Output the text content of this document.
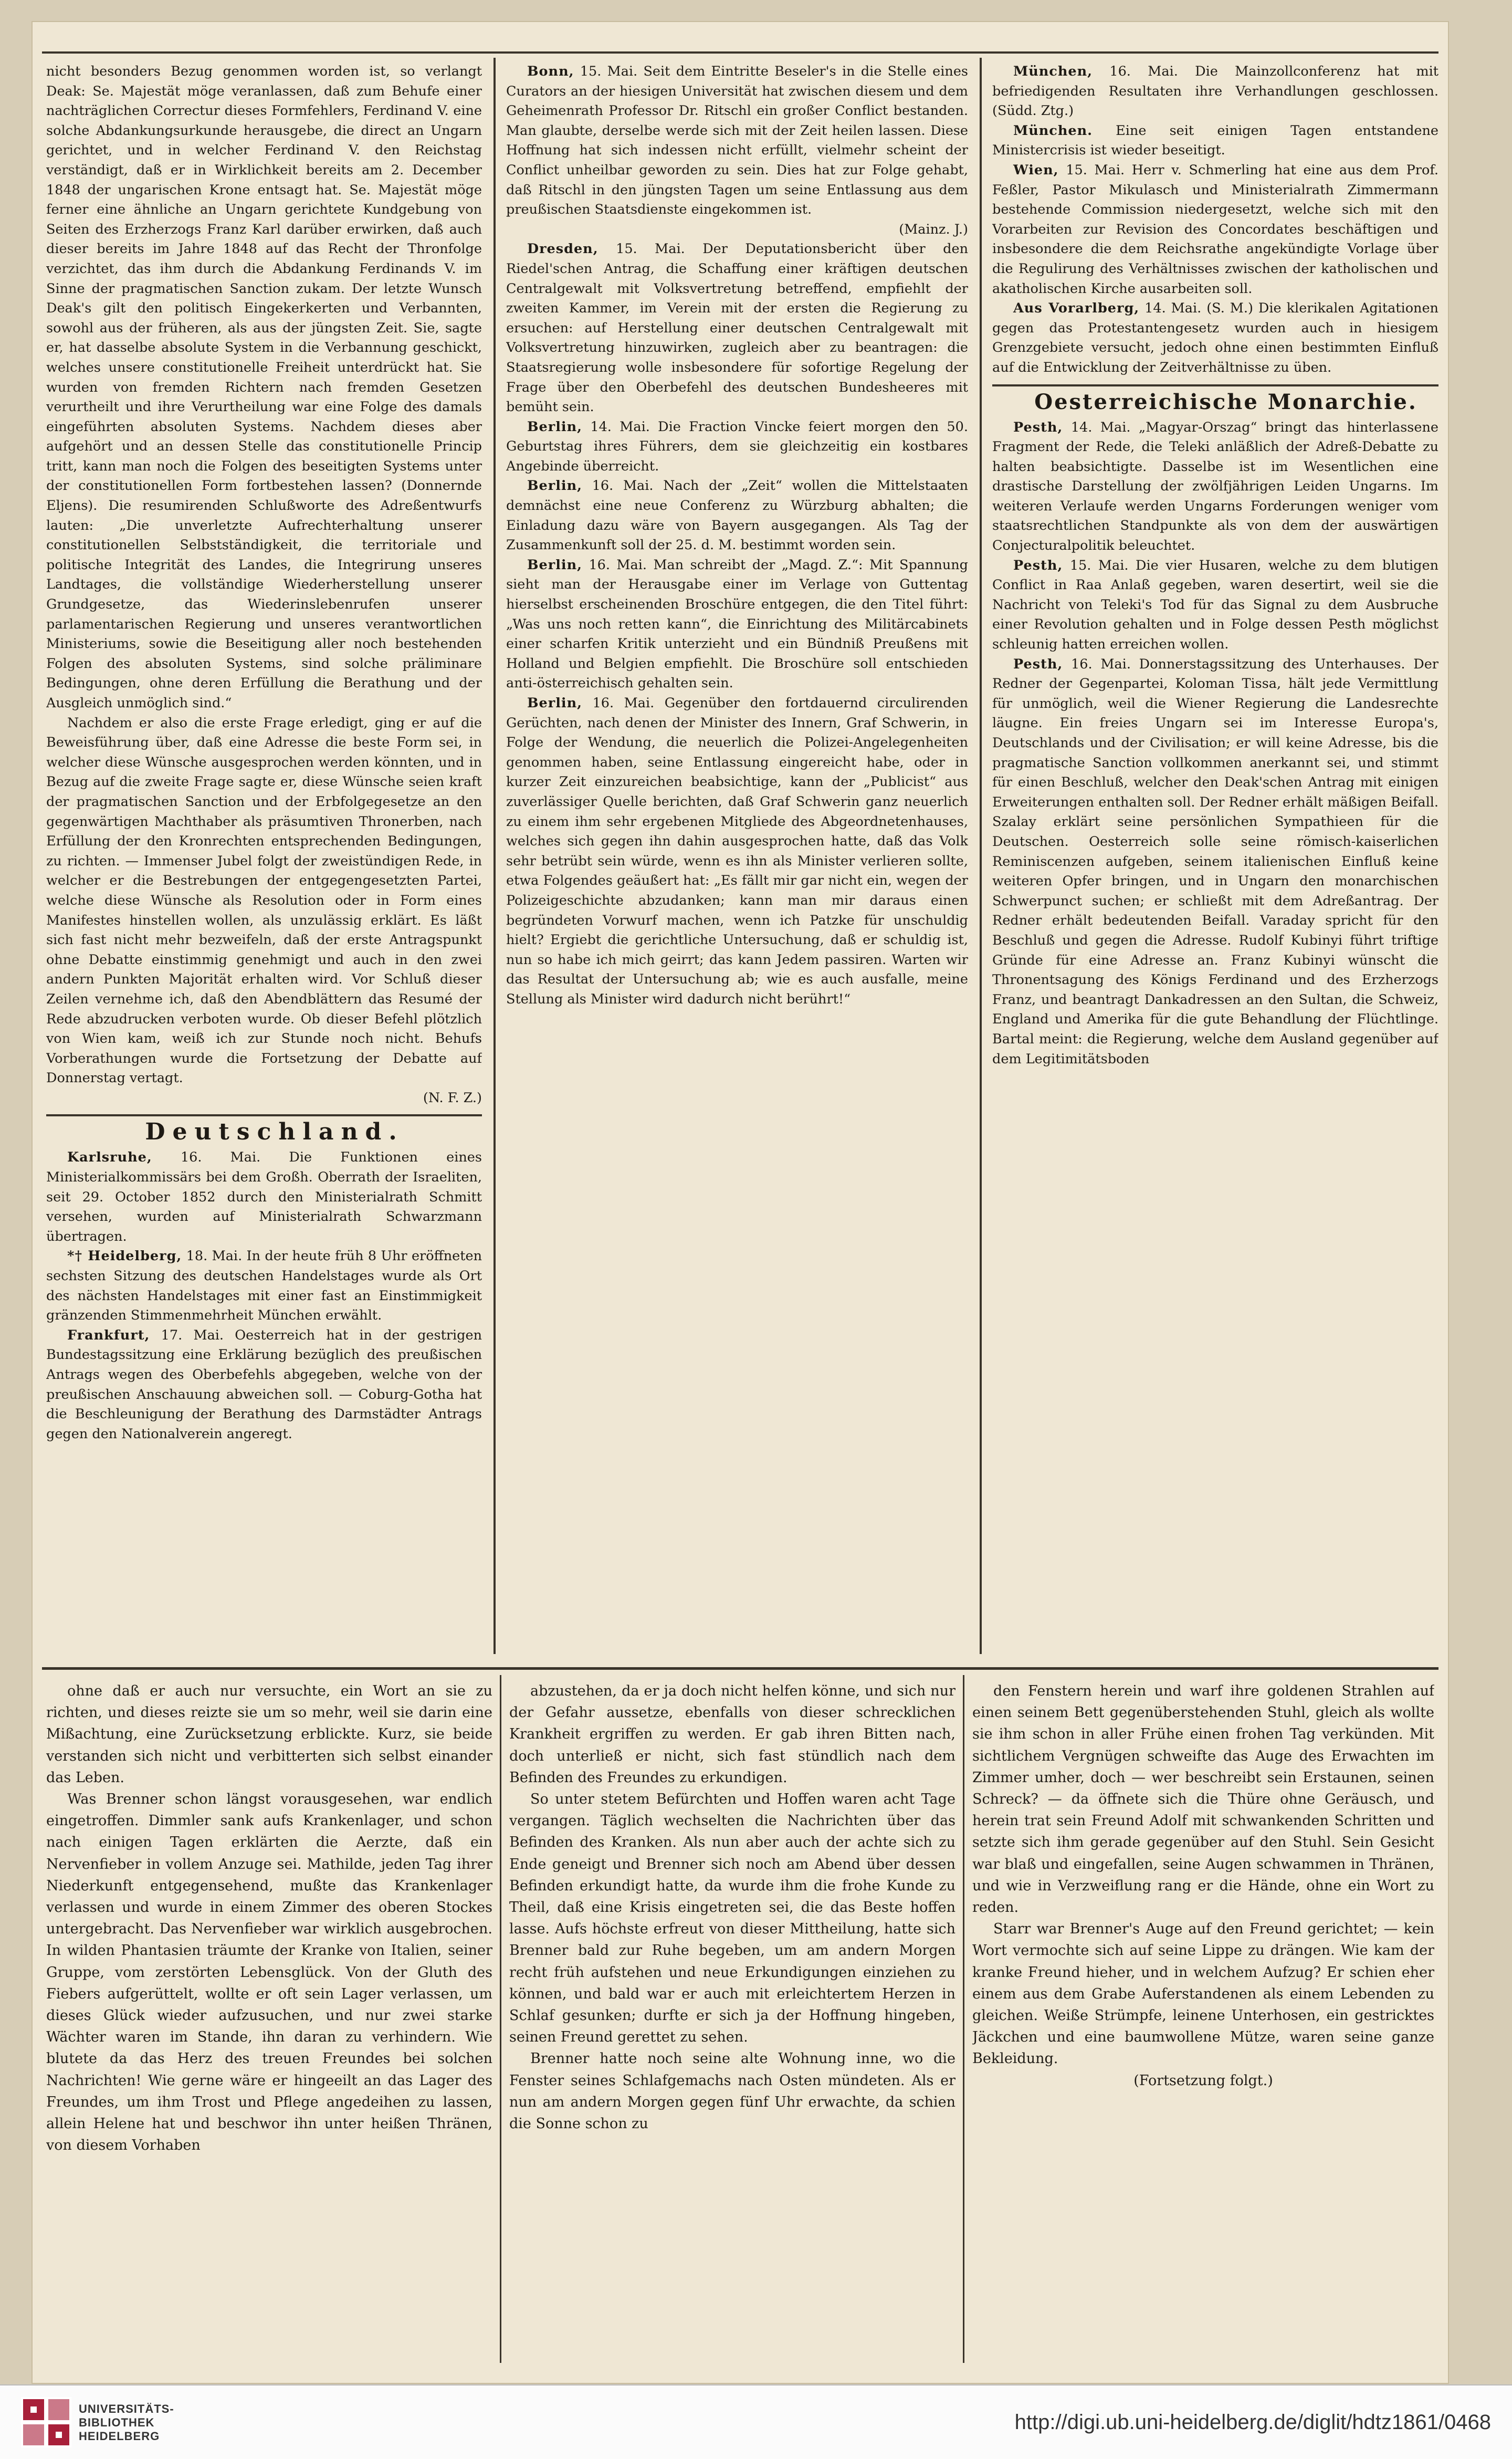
nicht besonders Bezug genommen worden ist, so verlangt Deak: Se. Majestät möge veranlassen, daß zum Behufe einer nachträglichen Correctur dieses Formfehlers, Ferdinand V. eine solche Abdankungsurkunde herausgebe, die direct an Ungarn gerichtet, und in welcher Ferdinand V. den Reichstag verständigt, daß er in Wirklichkeit bereits am 2. December 1848 der ungarischen Krone entsagt hat. Se. Majestät möge ferner eine ähnliche an Ungarn gerichtete Kundgebung von Seiten des Erzherzogs Franz Karl darüber erwirken, daß auch dieser bereits im Jahre 1848 auf das Recht der Thronfolge verzichtet, das ihm durch die Abdankung Ferdinands V. im Sinne der pragmatischen Sanction zukam. Der letzte Wunsch Deak's gilt den politisch Eingekerkerten und Verbannten, sowohl aus der früheren, als aus der jüngsten Zeit. Sie, sagte er, hat dasselbe absolute System in die Verbannung geschickt, welches unsere constitutionelle Freiheit unterdrückt hat. Sie wurden von fremden Richtern nach fremden Gesetzen verurtheilt und ihre Verurtheilung war eine Folge des damals eingeführten absoluten Systems. Nachdem dieses aber aufgehört und an dessen Stelle das constitutionelle Princip tritt, kann man noch die Folgen des beseitigten Systems unter der constitutionellen Form fortbestehen lassen? (Donnernde Eljens). Die resumirenden Schlußworte des Adreßentwurfs lauten: „Die unverletzte Aufrechterhaltung unserer constitutionellen Selbstständigkeit, die territoriale und politische Integrität des Landes, die Integrirung unseres Landtages, die vollständige Wiederherstellung unserer Grundgesetze, das Wiederinslebenrufen unserer parlamentarischen Regierung und unseres verantwortlichen Ministeriums, sowie die Beseitigung aller noch bestehenden Folgen des absoluten Systems, sind solche präliminare Bedingungen, ohne deren Erfüllung die Berathung und der Ausgleich unmöglich sind.“

Nachdem er also die erste Frage erledigt, ging er auf die Beweisführung über, daß eine Adresse die beste Form sei, in welcher diese Wünsche ausgesprochen werden könnten, und in Bezug auf die zweite Frage sagte er, diese Wünsche seien kraft der pragmatischen Sanction und der Erbfolgegesetze an den gegenwärtigen Machthaber als präsumtiven Thronerben, nach Erfüllung der den Kronrechten entsprechenden Bedingungen, zu richten. — Immenser Jubel folgt der zweistündigen Rede, in welcher er die Bestrebungen der entgegengesetzten Partei, welche diese Wünsche als Resolution oder in Form eines Manifestes hinstellen wollen, als unzulässig erklärt. Es läßt sich fast nicht mehr bezweifeln, daß der erste Antragspunkt ohne Debatte einstimmig genehmigt und auch in den zwei andern Punkten Majorität erhalten wird. Vor Schluß dieser Zeilen vernehme ich, daß den Abendblättern das Resumé der Rede abzudrucken verboten wurde. Ob dieser Befehl plötzlich von Wien kam, weiß ich zur Stunde noch nicht. Behufs Vorberathungen wurde die Fortsetzung der Debatte auf Donnerstag vertagt.

(N. F. Z.)

Deutschland.

Karlsruhe, 16. Mai. Die Funktionen eines Ministerialkommissärs bei dem Großh. Oberrath der Israeliten, seit 29. October 1852 durch den Ministerialrath Schmitt versehen, wurden auf Ministerialrath Schwarzmann übertragen.

*† Heidelberg, 18. Mai. In der heute früh 8 Uhr eröffneten sechsten Sitzung des deutschen Handelstages wurde als Ort des nächsten Handelstages mit einer fast an Einstimmigkeit gränzenden Stimmenmehrheit München erwählt.

Frankfurt, 17. Mai. Oesterreich hat in der gestrigen Bundestagssitzung eine Erklärung bezüglich des preußischen Antrags wegen des Oberbefehls abgegeben, welche von der preußischen Anschauung abweichen soll. — Coburg-Gotha hat die Beschleunigung der Berathung des Darmstädter Antrags gegen den Nationalverein angeregt.

Bonn, 15. Mai. Seit dem Eintritte Beseler's in die Stelle eines Curators an der hiesigen Universität hat zwischen diesem und dem Geheimenrath Professor Dr. Ritschl ein großer Conflict bestanden. Man glaubte, derselbe werde sich mit der Zeit heilen lassen. Diese Hoffnung hat sich indessen nicht erfüllt, vielmehr scheint der Conflict unheilbar geworden zu sein. Dies hat zur Folge gehabt, daß Ritschl in den jüngsten Tagen um seine Entlassung aus dem preußischen Staatsdienste eingekommen ist.

(Mainz. J.)

Dresden, 15. Mai. Der Deputationsbericht über den Riedel'schen Antrag, die Schaffung einer kräftigen deutschen Centralgewalt mit Volksvertretung betreffend, empfiehlt der zweiten Kammer, im Verein mit der ersten die Regierung zu ersuchen: auf Herstellung einer deutschen Centralgewalt mit Volksvertretung hinzuwirken, zugleich aber zu beantragen: die Staatsregierung wolle insbesondere für sofortige Regelung der Frage über den Oberbefehl des deutschen Bundesheeres mit bemüht sein.

Berlin, 14. Mai. Die Fraction Vincke feiert morgen den 50. Geburtstag ihres Führers, dem sie gleichzeitig ein kostbares Angebinde überreicht.

Berlin, 16. Mai. Nach der „Zeit“ wollen die Mittelstaaten demnächst eine neue Conferenz zu Würzburg abhalten; die Einladung dazu wäre von Bayern ausgegangen. Als Tag der Zusammenkunft soll der 25. d. M. bestimmt worden sein.

Berlin, 16. Mai. Man schreibt der „Magd. Z.“: Mit Spannung sieht man der Herausgabe einer im Verlage von Guttentag hierselbst erscheinenden Broschüre entgegen, die den Titel führt: „Was uns noch retten kann“, die Einrichtung des Militärcabinets einer scharfen Kritik unterzieht und ein Bündniß Preußens mit Holland und Belgien empfiehlt. Die Broschüre soll entschieden anti-österreichisch gehalten sein.

Berlin, 16. Mai. Gegenüber den fortdauernd circulirenden Gerüchten, nach denen der Minister des Innern, Graf Schwerin, in Folge der Wendung, die neuerlich die Polizei-Angelegenheiten genommen haben, seine Entlassung eingereicht habe, oder in kurzer Zeit einzureichen beabsichtige, kann der „Publicist“ aus zuverlässiger Quelle berichten, daß Graf Schwerin ganz neuerlich zu einem ihm sehr ergebenen Mitgliede des Abgeordnetenhauses, welches sich gegen ihn dahin ausgesprochen hatte, daß das Volk sehr betrübt sein würde, wenn es ihn als Minister verlieren sollte, etwa Folgendes geäußert hat: „Es fällt mir gar nicht ein, wegen der Polizeigeschichte abzudanken; kann man mir daraus einen begründeten Vorwurf machen, wenn ich Patzke für unschuldig hielt? Ergiebt die gerichtliche Untersuchung, daß er schuldig ist, nun so habe ich mich geirrt; das kann Jedem passiren. Warten wir das Resultat der Untersuchung ab; wie es auch ausfalle, meine Stellung als Minister wird dadurch nicht berührt!“

München, 16. Mai. Die Mainzollconferenz hat mit befriedigenden Resultaten ihre Verhandlungen geschlossen. (Südd. Ztg.)

München. Eine seit einigen Tagen entstandene Ministercrisis ist wieder beseitigt.

Wien, 15. Mai. Herr v. Schmerling hat eine aus dem Prof. Feßler, Pastor Mikulasch und Ministerialrath Zimmermann bestehende Commission niedergesetzt, welche sich mit den Vorarbeiten zur Revision des Concordates beschäftigen und insbesondere die dem Reichsrathe angekündigte Vorlage über die Regulirung des Verhältnisses zwischen der katholischen und akatholischen Kirche ausarbeiten soll.

Aus Vorarlberg, 14. Mai. (S. M.) Die klerikalen Agitationen gegen das Protestantengesetz wurden auch in hiesigem Grenzgebiete versucht, jedoch ohne einen bestimmten Einfluß auf die Entwicklung der Zeitverhältnisse zu üben.

Oesterreichische Monarchie.

Pesth, 14. Mai. „Magyar-Orszag“ bringt das hinterlassene Fragment der Rede, die Teleki anläßlich der Adreß-Debatte zu halten beabsichtigte. Dasselbe ist im Wesentlichen eine drastische Darstellung der zwölfjährigen Leiden Ungarns. Im weiteren Verlaufe werden Ungarns Forderungen weniger vom staatsrechtlichen Standpunkte als von dem der auswärtigen Conjecturalpolitik beleuchtet.

Pesth, 15. Mai. Die vier Husaren, welche zu dem blutigen Conflict in Raa Anlaß gegeben, waren desertirt, weil sie die Nachricht von Teleki's Tod für das Signal zu dem Ausbruche einer Revolution gehalten und in Folge dessen Pesth möglichst schleunig hatten erreichen wollen.

Pesth, 16. Mai. Donnerstagssitzung des Unterhauses. Der Redner der Gegenpartei, Koloman Tissa, hält jede Vermittlung für unmöglich, weil die Wiener Regierung die Landesrechte läugne. Ein freies Ungarn sei im Interesse Europa's, Deutschlands und der Civilisation; er will keine Adresse, bis die pragmatische Sanction vollkommen anerkannt sei, und stimmt für einen Beschluß, welcher den Deak'schen Antrag mit einigen Erweiterungen enthalten soll. Der Redner erhält mäßigen Beifall. Szalay erklärt seine persönlichen Sympathieen für die Deutschen. Oesterreich solle seine römisch-kaiserlichen Reminiscenzen aufgeben, seinem italienischen Einfluß keine weiteren Opfer bringen, und in Ungarn den monarchischen Schwerpunct suchen; er schließt mit dem Adreßantrag. Der Redner erhält bedeutenden Beifall. Varaday spricht für den Beschluß und gegen die Adresse. Rudolf Kubinyi führt triftige Gründe für eine Adresse an. Franz Kubinyi wünscht die Thronentsagung des Königs Ferdinand und des Erzherzogs Franz, und beantragt Dankadressen an den Sultan, die Schweiz, England und Amerika für die gute Behandlung der Flüchtlinge. Bartal meint: die Regierung, welche dem Ausland gegenüber auf dem Legitimitätsboden

ohne daß er auch nur versuchte, ein Wort an sie zu richten, und dieses reizte sie um so mehr, weil sie darin eine Mißachtung, eine Zurücksetzung erblickte. Kurz, sie beide verstanden sich nicht und verbitterten sich selbst einander das Leben.

Was Brenner schon längst vorausgesehen, war endlich eingetroffen. Dimmler sank aufs Krankenlager, und schon nach einigen Tagen erklärten die Aerzte, daß ein Nervenfieber in vollem Anzuge sei. Mathilde, jeden Tag ihrer Niederkunft entgegensehend, mußte das Krankenlager verlassen und wurde in einem Zimmer des oberen Stockes untergebracht. Das Nervenfieber war wirklich ausgebrochen. In wilden Phantasien träumte der Kranke von Italien, seiner Gruppe, vom zerstörten Lebensglück. Von der Gluth des Fiebers aufgerüttelt, wollte er oft sein Lager verlassen, um dieses Glück wieder aufzusuchen, und nur zwei starke Wächter waren im Stande, ihn daran zu verhindern. Wie blutete da das Herz des treuen Freundes bei solchen Nachrichten! Wie gerne wäre er hingeeilt an das Lager des Freundes, um ihm Trost und Pflege angedeihen zu lassen, allein Helene hat und beschwor ihn unter heißen Thränen, von diesem Vorhaben

abzustehen, da er ja doch nicht helfen könne, und sich nur der Gefahr aussetze, ebenfalls von dieser schrecklichen Krankheit ergriffen zu werden. Er gab ihren Bitten nach, doch unterließ er nicht, sich fast stündlich nach dem Befinden des Freundes zu erkundigen.

So unter stetem Befürchten und Hoffen waren acht Tage vergangen. Täglich wechselten die Nachrichten über das Befinden des Kranken. Als nun aber auch der achte sich zu Ende geneigt und Brenner sich noch am Abend über dessen Befinden erkundigt hatte, da wurde ihm die frohe Kunde zu Theil, daß eine Krisis eingetreten sei, die das Beste hoffen lasse. Aufs höchste erfreut von dieser Mittheilung, hatte sich Brenner bald zur Ruhe begeben, um am andern Morgen recht früh aufstehen und neue Erkundigungen einziehen zu können, und bald war er auch mit erleichtertem Herzen in Schlaf gesunken; durfte er sich ja der Hoffnung hingeben, seinen Freund gerettet zu sehen.

Brenner hatte noch seine alte Wohnung inne, wo die Fenster seines Schlafgemachs nach Osten mündeten. Als er nun am andern Morgen gegen fünf Uhr erwachte, da schien die Sonne schon zu

den Fenstern herein und warf ihre goldenen Strahlen auf einen seinem Bett gegenüberstehenden Stuhl, gleich als wollte sie ihm schon in aller Frühe einen frohen Tag verkünden. Mit sichtlichem Vergnügen schweifte das Auge des Erwachten im Zimmer umher, doch — wer beschreibt sein Erstaunen, seinen Schreck? — da öffnete sich die Thüre ohne Geräusch, und herein trat sein Freund Adolf mit schwankenden Schritten und setzte sich ihm gerade gegenüber auf den Stuhl. Sein Gesicht war blaß und eingefallen, seine Augen schwammen in Thränen, und wie in Verzweiflung rang er die Hände, ohne ein Wort zu reden.

Starr war Brenner's Auge auf den Freund gerichtet; — kein Wort vermochte sich auf seine Lippe zu drängen. Wie kam der kranke Freund hieher, und in welchem Aufzug? Er schien eher einem aus dem Grabe Auferstandenen als einem Lebenden zu gleichen. Weiße Strümpfe, leinene Unterhosen, ein gestricktes Jäckchen und eine baumwollene Mütze, waren seine ganze Bekleidung.

(Fortsetzung folgt.)

UNIVERSITÄTS-
BIBLIOTHEK
HEIDELBERG
http://digi.ub.uni-heidelberg.de/diglit/hdtz1861/0468
